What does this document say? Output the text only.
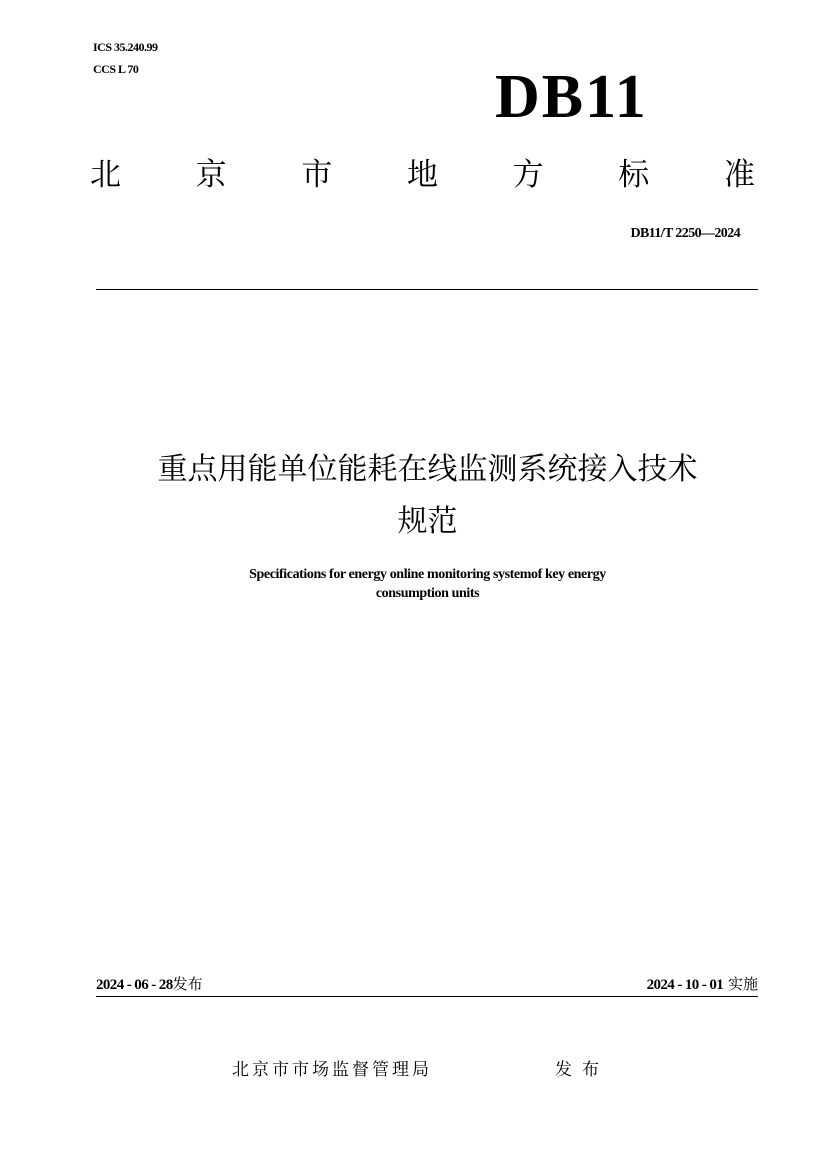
ICS 35.240.99
CCS L 70	DB11
北 京 市 地 方 标 准
DB11/T 2250—2024
重点用能单位能耗在线监测系统接入技术
规范
Specifications for energy online monitoring systemof key energy
consumption units
2024 - 06 - 28发布	2024 - 10 - 01 实施
北京市市场监督管理局	发布
